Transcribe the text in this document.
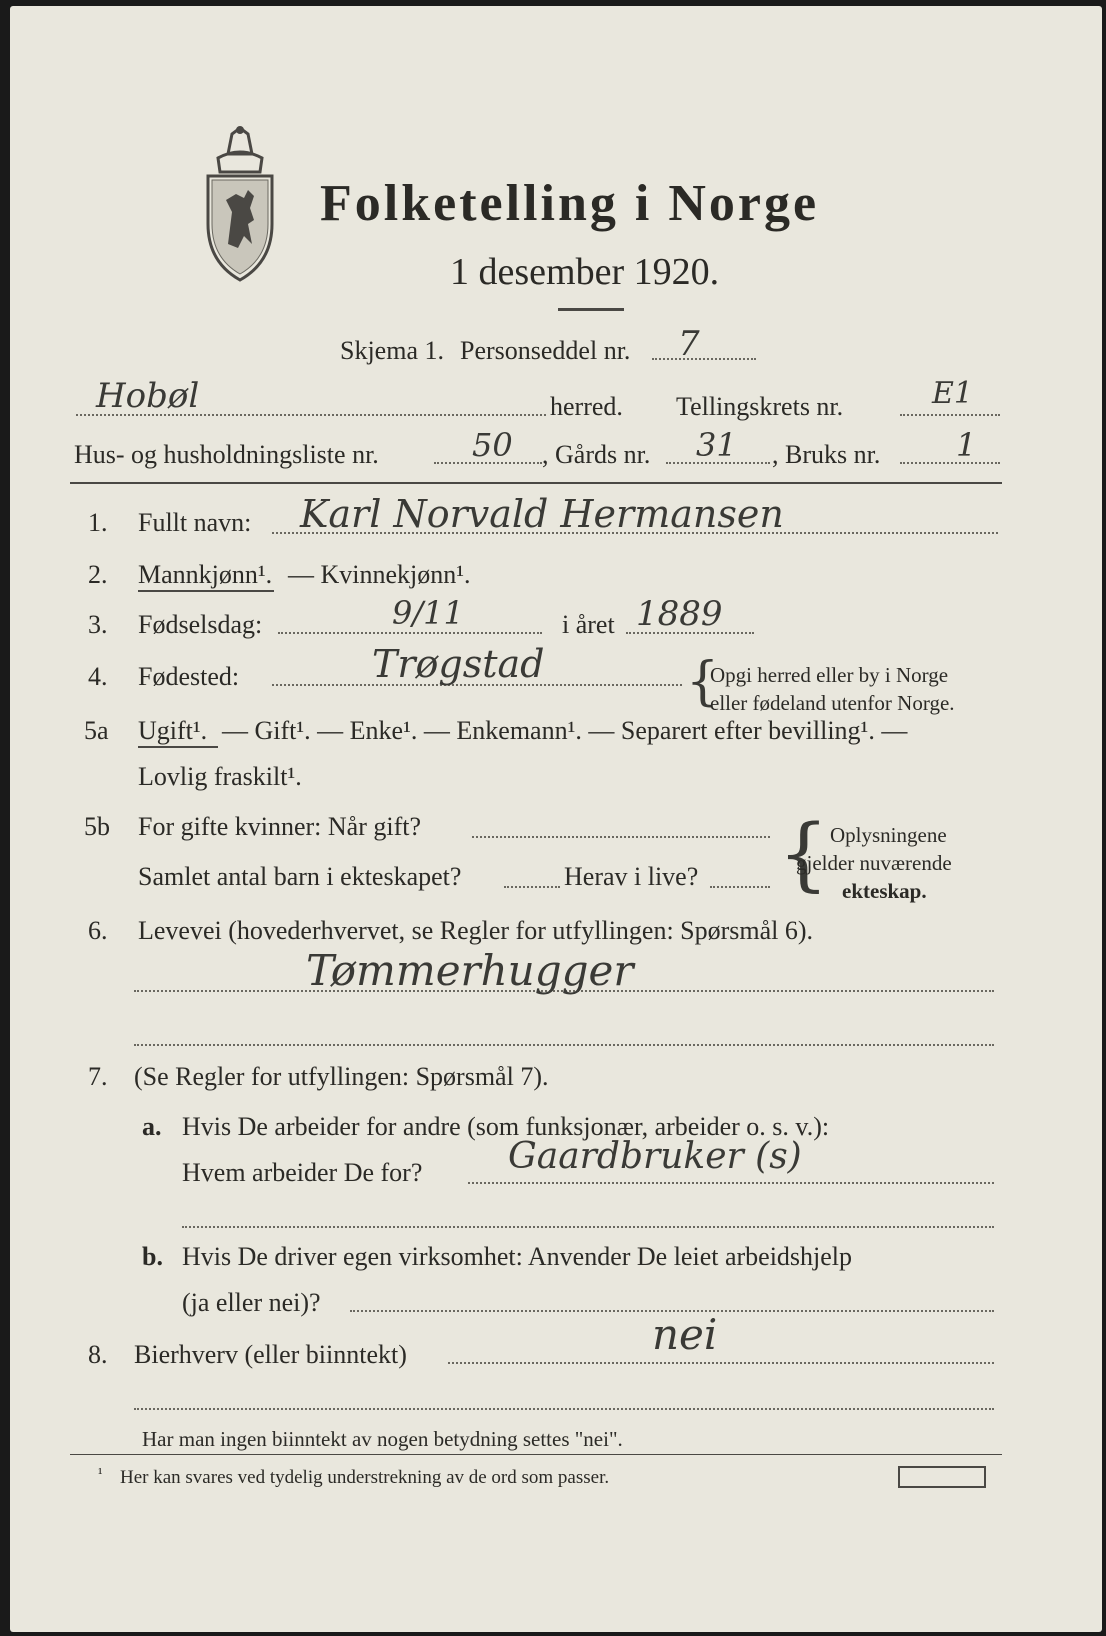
Folketelling i Norge
1 desember 1920.
Skjema 1. Personseddel nr. 7
Hobøl	herred. Tellingskrets nr.	E1
Hus- og husholdningsliste nr.	50 , Gårds nr. 31 , Bruks nr. 1
1. Fullt navn: Karl Norvald Hermansen
2. Mannkjønn¹. — Kvinnekjønn¹.
3. Fødselsdag:	9/11	i året 1889
4. Fødested:	Trøgstad	{
Opgi herred eller by i Norge
eller fødeland utenfor Norge.
5a Ugift¹. — Gift¹. — Enke¹. — Enkemann¹. — Separert efter bevilling¹. —
Lovlig fraskilt¹.
5b For gifte kvinner: Når gift?
Samlet antal barn i ekteskapet?	Herav i live? { Oplysningene
gjelder nuværende
ekteskap.
6. Levevei (hovederhvervet, se Regler for utfyllingen: Spørsmål 6).
Tømmerhugger
7. (Se Regler for utfyllingen: Spørsmål 7).
a. Hvis De arbeider for andre (som funksjonær, arbeider o. s. v.):
Hvem arbeider De for? Gaardbruker (s)
b. Hvis De driver egen virksomhet: Anvender De leiet arbeidshjelp
(ja eller nei)?
8. Bierhverv (eller biinntekt)	nei
Har man ingen biinntekt av nogen betydning settes "nei".
¹ Her kan svares ved tydelig understrekning av de ord som passer.
